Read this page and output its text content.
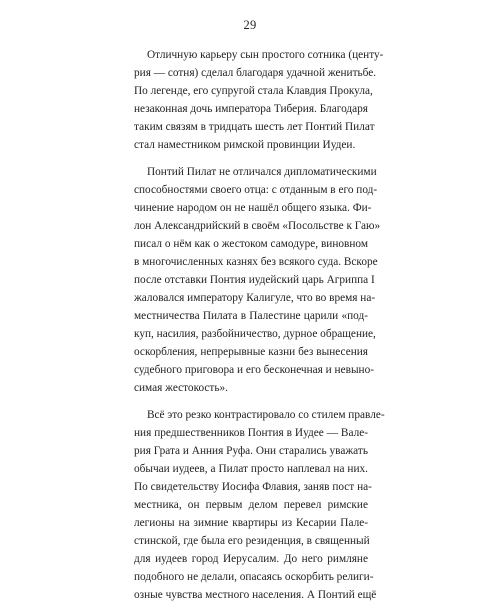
29
Отличную карьеру сын простого сотника (центу-
рия — сотня) сделал благодаря удачной женитьбе.
По легенде, его супругой стала Клавдия Прокула,
незаконная дочь императора Тиберия. Благодаря
таким связям в тридцать шесть лет Понтий Пилат
стал наместником римской провинции Иудеи.
Понтий Пилат не отличался дипломатическими
способностями своего отца: с отданным в его под-
чинение народом он не нашёл общего языка. Фи-
лон Александрийский в своём «Посольстве к Гаю»
писал о нём как о жестоком самодуре, виновном
в многочисленных казнях без всякого суда. Вскоре
после отставки Понтия иудейский царь Агриппа I
жаловался императору Калигуле, что во время на-
местничества Пилата в Палестине царили «под-
куп, насилия, разбойничество, дурное обращение,
оскорбления, непрерывные казни без вынесения
судебного приговора и его бесконечная и невыно-
симая жестокость».
Всё это резко контрастировало со стилем правле-
ния предшественников Понтия в Иудее — Вале-
рия Грата и Анния Руфа. Они старались уважать
обычаи иудеев, а Пилат просто наплевал на них.
По свидетельству Иосифа Флавия, заняв пост на-
местника, он первым делом перевел римские
легионы на зимние квартиры из Кесарии Пале-
стинской, где была его резиденция, в священный
для иудеев город Иерусалим. До него римляне
подобного не делали, опасаясь оскорбить религи-
озные чувства местного населения. А Понтий ещё
